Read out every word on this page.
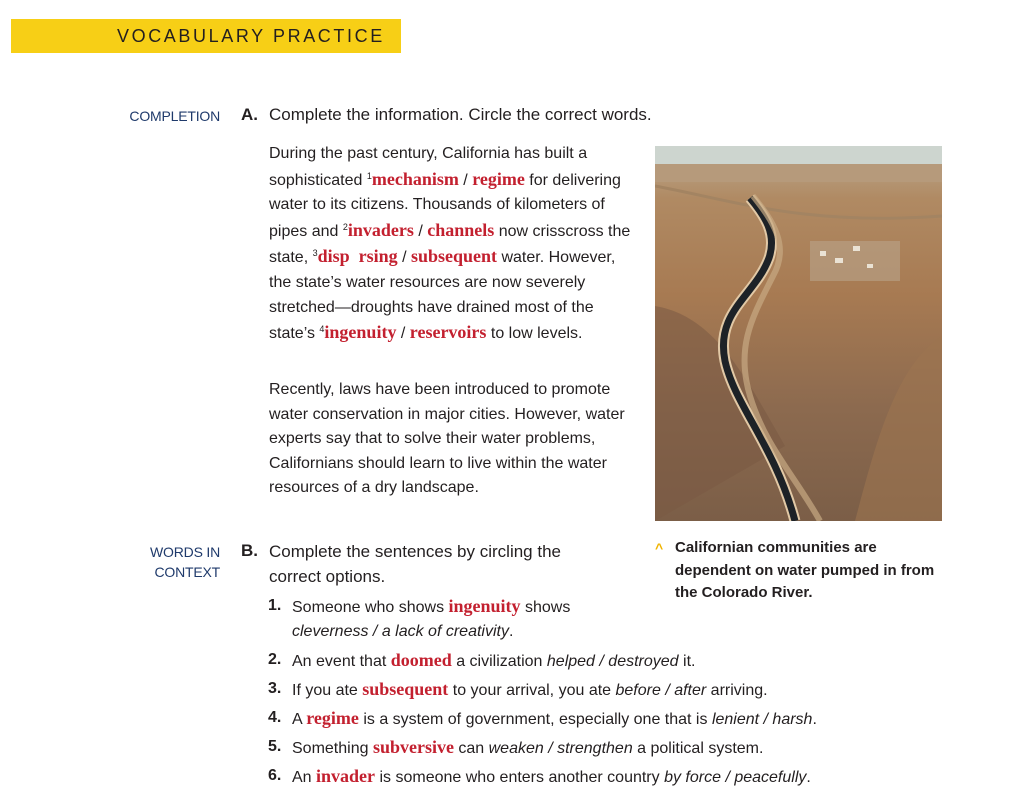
VOCABULARY PRACTICE
COMPLETION A. Complete the information. Circle the correct words.

During the past century, California has built a sophisticated $^1$mechanism / regime for delivering water to its citizens. Thousands of kilometers of pipes and $^2$invaders / channels now crisscross the state, $^3$disp  rsing / subsequent water. However, the state’s water resources are now severely stretched—droughts have drained most of the state’s $^4$ingenuity / reservoirs to low levels.

Recently, laws have been introduced to promote water conservation in major cities. However, water experts say that to solve their water problems, Californians should learn to live within the water resources of a dry landscape.

^ Californian communities are dependent on water pumped in from the Colorado River.
WORDS IN CONTEXT
B. Complete the sentences by circling the correct options.
1. Someone who shows ingenuity shows cleverness / a lack of creativity.
2. An event that doomed a civilization helped / destroyed it.
3. If you ate subsequent to your arrival, you ate before / after arriving.
4. A regime is a system of government, especially one that is lenient / harsh.
5. Something subversive can weaken / strengthen a political system.
6. An invader is someone who enters another country by force / peacefully.
